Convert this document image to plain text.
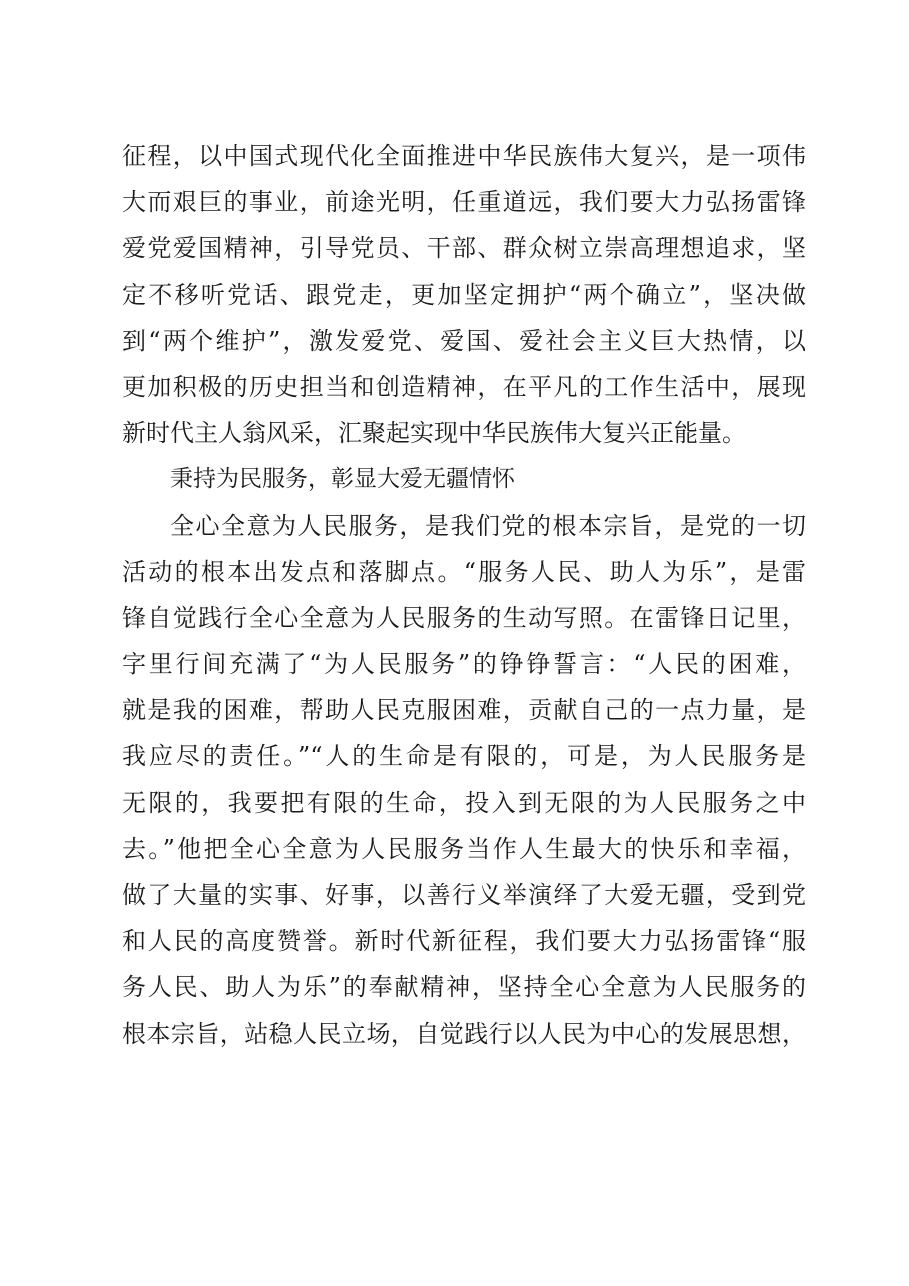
征程，以中国式现代化全面推进中华民族伟大复兴，是一项伟
大而艰巨的事业，前途光明，任重道远，我们要大力弘扬雷锋
爱党爱国精神，引导党员、干部、群众树立崇高理想追求，坚
定不移听党话、跟党走，更加坚定拥护“两个确立”，坚决做
到“两个维护”，激发爱党、爱国、爱社会主义巨大热情，以
更加积极的历史担当和创造精神，在平凡的工作生活中，展现
新时代主人翁风采，汇聚起实现中华民族伟大复兴正能量。
秉持为民服务，彰显大爱无疆情怀
全心全意为人民服务，是我们党的根本宗旨，是党的一切
活动的根本出发点和落脚点。“服务人民、助人为乐”，是雷
锋自觉践行全心全意为人民服务的生动写照。在雷锋日记里，
字里行间充满了“为人民服务”的铮铮誓言：“人民的困难，
就是我的困难，帮助人民克服困难，贡献自己的一点力量，是
我应尽的责任。”“人的生命是有限的，可是，为人民服务是
无限的，我要把有限的生命，投入到无限的为人民服务之中
去。”他把全心全意为人民服务当作人生最大的快乐和幸福，
做了大量的实事、好事，以善行义举演绎了大爱无疆，受到党
和人民的高度赞誉。新时代新征程，我们要大力弘扬雷锋“服
务人民、助人为乐”的奉献精神，坚持全心全意为人民服务的
根本宗旨，站稳人民立场，自觉践行以人民为中心的发展思想，
